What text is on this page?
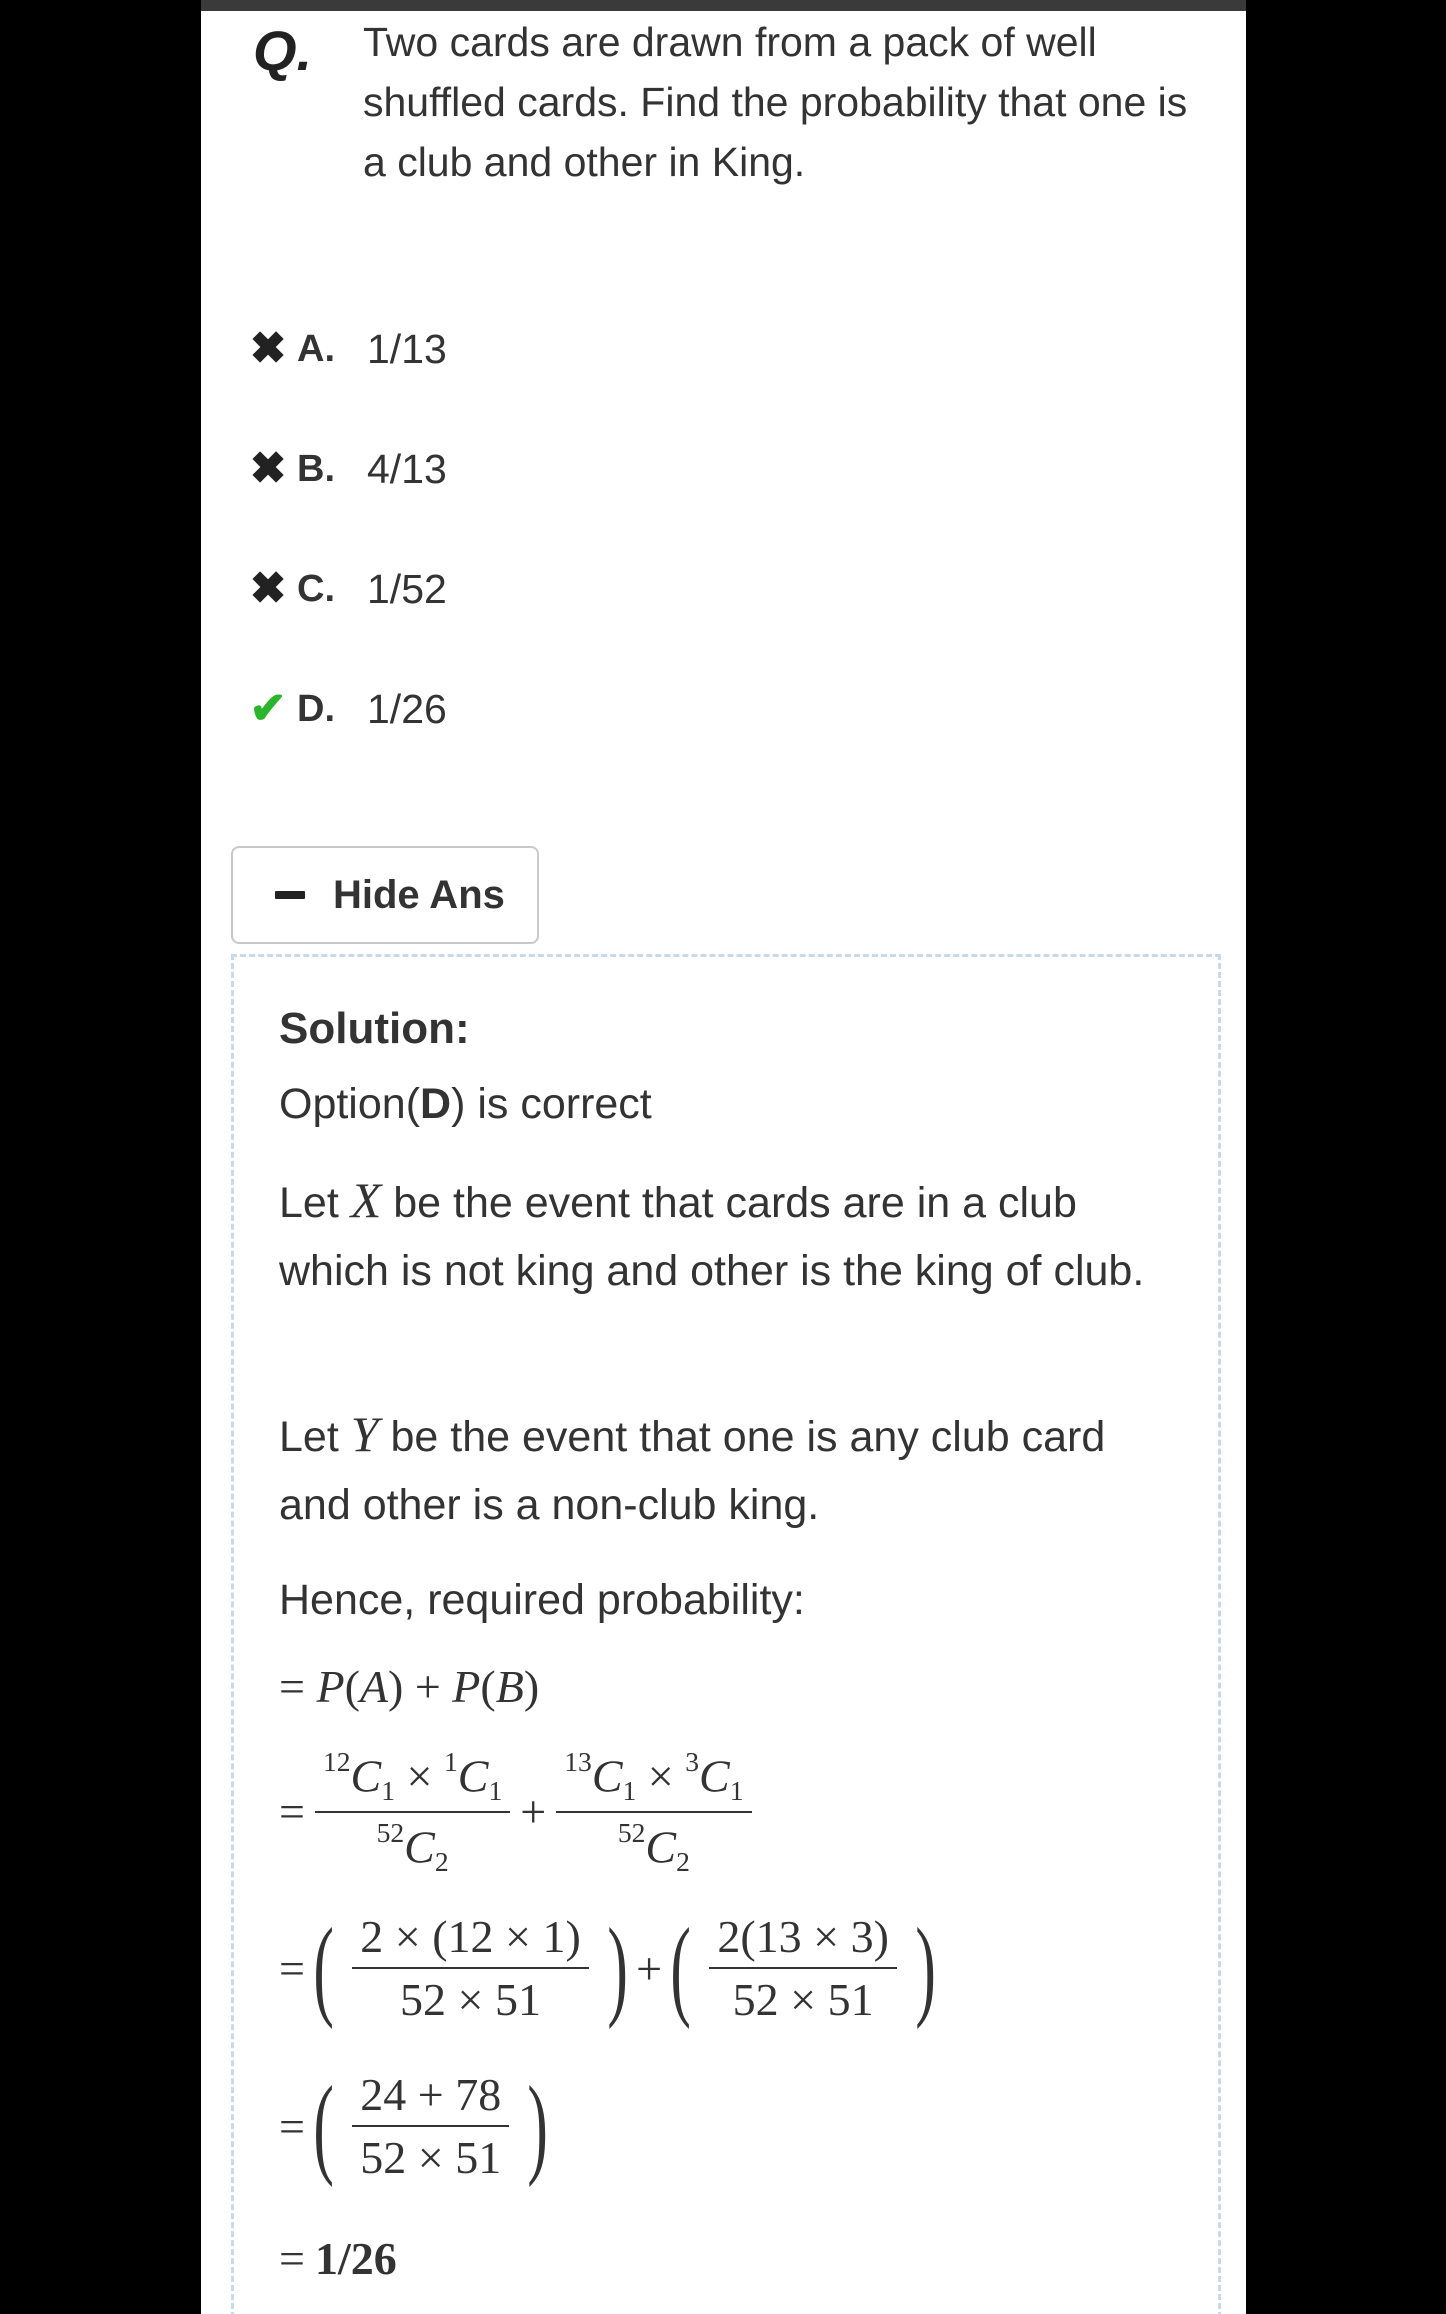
Q. Two cards are drawn from a pack of well shuffled cards. Find the probability that one is a club and other in King.
✖ A. 1/13
✖ B. 4/13
✖ C. 1/52
✔ D. 1/26
Hide Ans
Solution:
Option(D) is correct
Let X be the event that cards are in a club which is not king and other is the king of club.
Let Y be the event that one is any club card and other is a non-club king.
Hence, required probability:
= P(A) + P(B)
= $\frac{^{12}C_1 \times ^1C_1}{^{52}C_2} + \frac{^{13}C_1 \times ^3C_1}{^{52}C_2}$
= ( $\frac{2 \times (12 \times 1)}{52 \times 51}$ ) + ( $\frac{2(13 \times 3)}{52 \times 51}$ )
= ( $\frac{24 + 78}{52 \times 51}$ )
= 1/26
